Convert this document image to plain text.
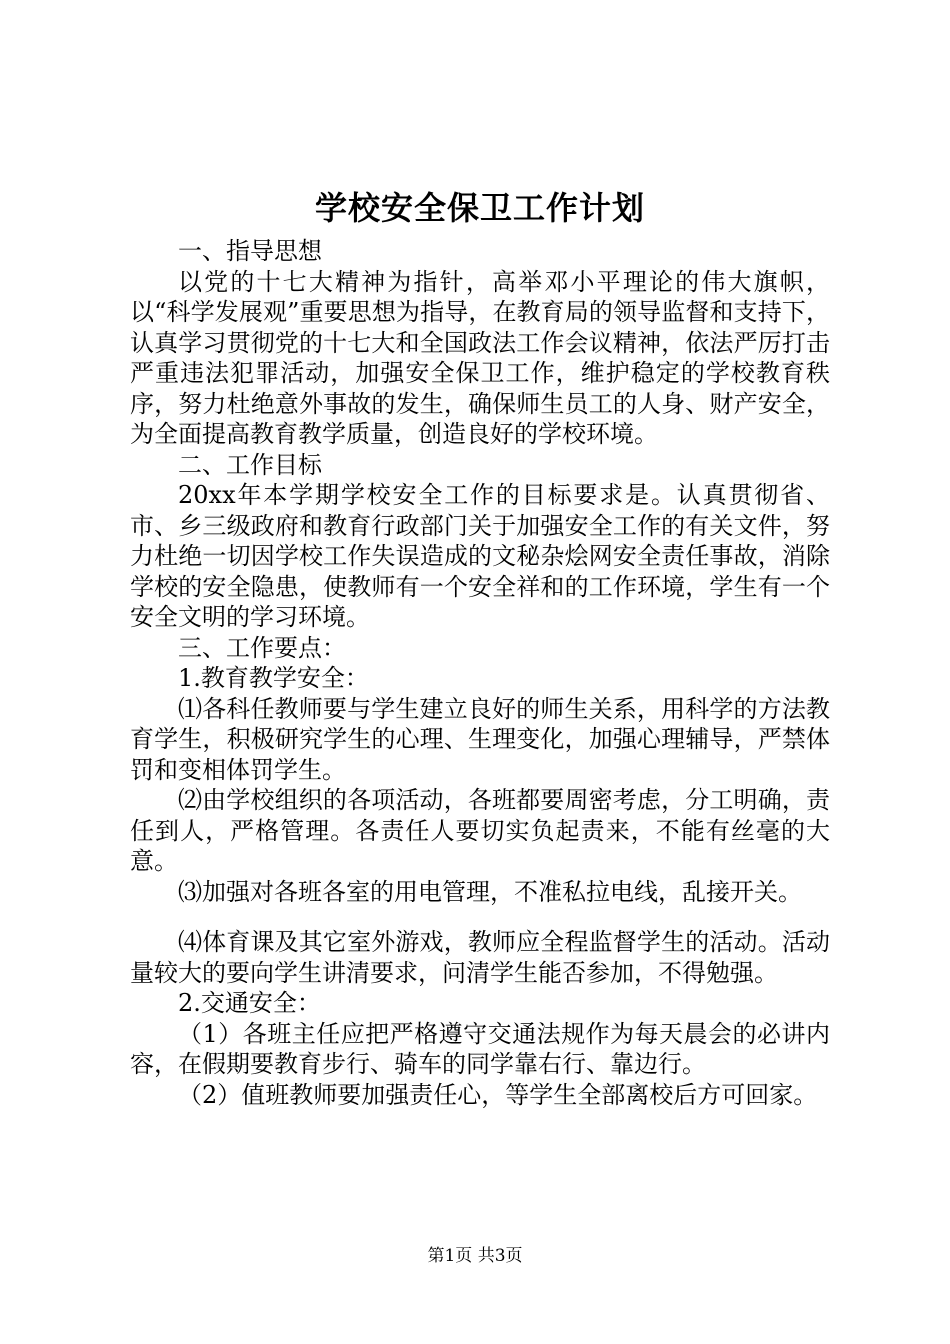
学校安全保卫工作计划

一、指导思想

以党的十七大精神为指针，高举邓小平理论的伟大旗帜，以“科学发展观”重要思想为指导，在教育局的领导监督和支持下，认真学习贯彻党的十七大和全国政法工作会议精神，依法严厉打击严重违法犯罪活动，加强安全保卫工作，维护稳定的学校教育秩序，努力杜绝意外事故的发生，确保师生员工的人身、财产安全，为全面提高教育教学质量，创造良好的学校环境。

二、工作目标

20xx年本学期学校安全工作的目标要求是。认真贯彻省、市、乡三级政府和教育行政部门关于加强安全工作的有关文件，努力杜绝一切因学校工作失误造成的文秘杂烩网安全责任事故，消除学校的安全隐患，使教师有一个安全祥和的工作环境，学生有一个安全文明的学习环境。

三、工作要点：

1.教育教学安全：

⑴各科任教师要与学生建立良好的师生关系，用科学的方法教育学生，积极研究学生的心理、生理变化，加强心理辅导，严禁体罚和变相体罚学生。

⑵由学校组织的各项活动，各班都要周密考虑，分工明确，责任到人，严格管理。各责任人要切实负起责来，不能有丝毫的大意。

⑶加强对各班各室的用电管理，不准私拉电线，乱接开关。

⑷体育课及其它室外游戏，教师应全程监督学生的活动。活动量较大的要向学生讲清要求，问清学生能否参加，不得勉强。

2.交通安全：

（1）各班主任应把严格遵守交通法规作为每天晨会的必讲内容，在假期要教育步行、骑车的同学靠右行、靠边行。

（2）值班教师要加强责任心，等学生全部离校后方可回家。

第1页 共3页
